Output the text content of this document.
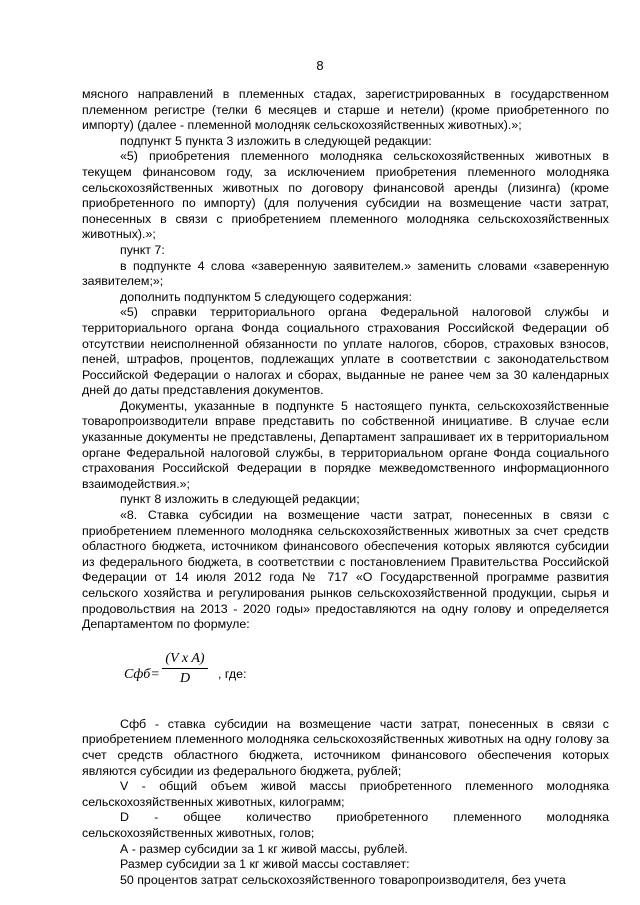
8

мясного направлений в племенных стадах, зарегистрированных в государственном племенном регистре (телки 6 месяцев и старше и нетели) (кроме приобретенного по импорту) (далее - племенной молодняк сельскохозяйственных животных).»;

подпункт 5 пункта 3 изложить в следующей редакции:

«5) приобретения племенного молодняка сельскохозяйственных животных в текущем финансовом году, за исключением приобретения племенного молодняка сельскохозяйственных животных по договору финансовой аренды (лизинга) (кроме приобретенного по импорту) (для получения субсидии на возмещение части затрат, понесенных в связи с приобретением племенного молодняка сельскохозяйственных животных).»;

пункт 7:

в подпункте 4 слова «заверенную заявителем.» заменить словами «заверенную заявителем;»;

дополнить подпунктом 5 следующего содержания:

«5) справки территориального органа Федеральной налоговой службы и территориального органа Фонда социального страхования Российской Федерации об отсутствии неисполненной обязанности по уплате налогов, сборов, страховых взносов, пеней, штрафов, процентов, подлежащих уплате в соответствии с законодательством Российской Федерации о налогах и сборах, выданные не ранее чем за 30 календарных дней до даты представления документов.

Документы, указанные в подпункте 5 настоящего пункта, сельскохозяйственные товаропроизводители вправе представить по собственной инициативе. В случае если указанные документы не представлены, Департамент запрашивает их в территориальном органе Федеральной налоговой службы, в территориальном органе Фонда социального страхования Российской Федерации в порядке межведомственного информационного взаимодействия.»;

пункт 8 изложить в следующей редакции;

«8. Ставка субсидии на возмещение части затрат, понесенных в связи с приобретением племенного молодняка сельскохозяйственных животных за счет средств областного бюджета, источником финансового обеспечения которых являются субсидии из федерального бюджета, в соответствии с постановлением Правительства Российской Федерации от 14 июля 2012 года № 717 «О Государственной программе развития сельского хозяйства и регулирования рынков сельскохозяйственной продукции, сырья и продовольствия на 2013 - 2020 годы» предоставляются на одну голову и определяется Департаментом по формуле:

Cфб=
(V x A)
D	, где:

Сфб - ставка субсидии на возмещение части затрат, понесенных в связи с приобретением племенного молодняка сельскохозяйственных животных на одну голову за счет средств областного бюджета, источником финансового обеспечения которых являются субсидии из федерального бюджета, рублей;

V - общий объем живой массы приобретенного племенного молодняка сельскохозяйственных животных, килограмм;

D - общее количество приобретенного племенного молодняка сельскохозяйственных животных, голов;

А - размер субсидии за 1 кг живой массы, рублей.

Размер субсидии за 1 кг живой массы составляет:

50 процентов затрат сельскохозяйственного товаропроизводителя, без учета
